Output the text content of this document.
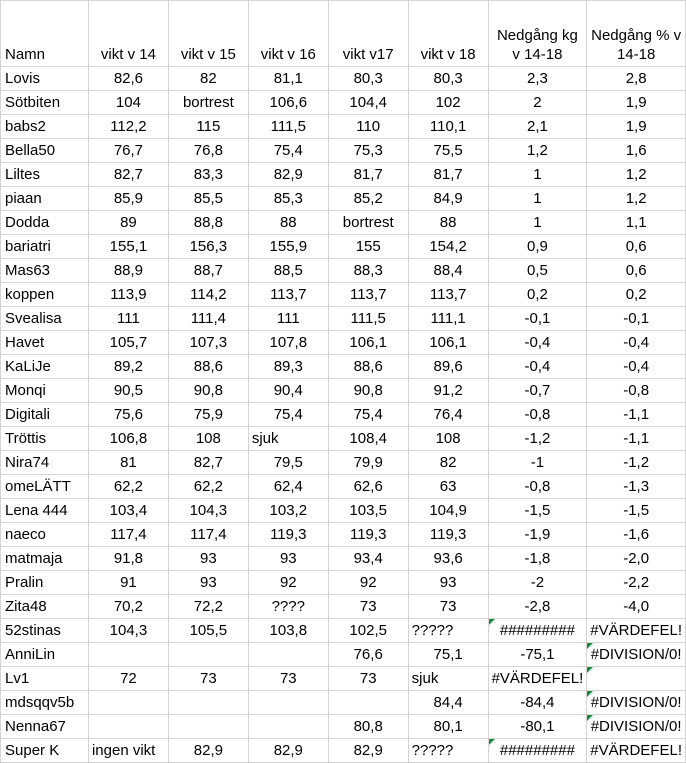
Namn	vikt v 14	vikt v 15	vikt v 16	vikt v17	vikt v 18	Nedgång kg v 14-18	Nedgång % v 14-18
Lovis	82,6	82	81,1	80,3	80,3	2,3	2,8
Sötbiten	104	bortrest	106,6	104,4	102	2	1,9
babs2	112,2	115	111,5	110	110,1	2,1	1,9
Bella50	76,7	76,8	75,4	75,3	75,5	1,2	1,6
Liltes	82,7	83,3	82,9	81,7	81,7	1	1,2
piaan	85,9	85,5	85,3	85,2	84,9	1	1,2
Dodda	89	88,8	88	bortrest	88	1	1,1
bariatri	155,1	156,3	155,9	155	154,2	0,9	0,6
Mas63	88,9	88,7	88,5	88,3	88,4	0,5	0,6
koppen	113,9	114,2	113,7	113,7	113,7	0,2	0,2
Svealisa	111	111,4	111	111,5	111,1	-0,1	-0,1
Havet	105,7	107,3	107,8	106,1	106,1	-0,4	-0,4
KaLiJe	89,2	88,6	89,3	88,6	89,6	-0,4	-0,4
Monqi	90,5	90,8	90,4	90,8	91,2	-0,7	-0,8
Digitali	75,6	75,9	75,4	75,4	76,4	-0,8	-1,1
Tröttis	106,8	108	sjuk	108,4	108	-1,2	-1,1
Nira74	81	82,7	79,5	79,9	82	-1	-1,2
omeLÄTT	62,2	62,2	62,4	62,6	63	-0,8	-1,3
Lena 444	103,4	104,3	103,2	103,5	104,9	-1,5	-1,5
naeco	117,4	117,4	119,3	119,3	119,3	-1,9	-1,6
matmaja	91,8	93	93	93,4	93,6	-1,8	-2,0
Pralin	91	93	92	92	93	-2	-2,2
Zita48	70,2	72,2	????	73	73	-2,8	-4,0
52stinas	104,3	105,5	103,8	102,5	?????	#########	#VÄRDEFEL!
AnniLin				76,6	75,1	-75,1	#DIVISION/0!
Lv1	72	73	73	73	sjuk	#VÄRDEFEL!	
mdsqqv5b					84,4	-84,4	#DIVISION/0!
Nenna67				80,8	80,1	-80,1	#DIVISION/0!
Super K	ingen vikt	82,9	82,9	82,9	?????	#########	#VÄRDEFEL!
